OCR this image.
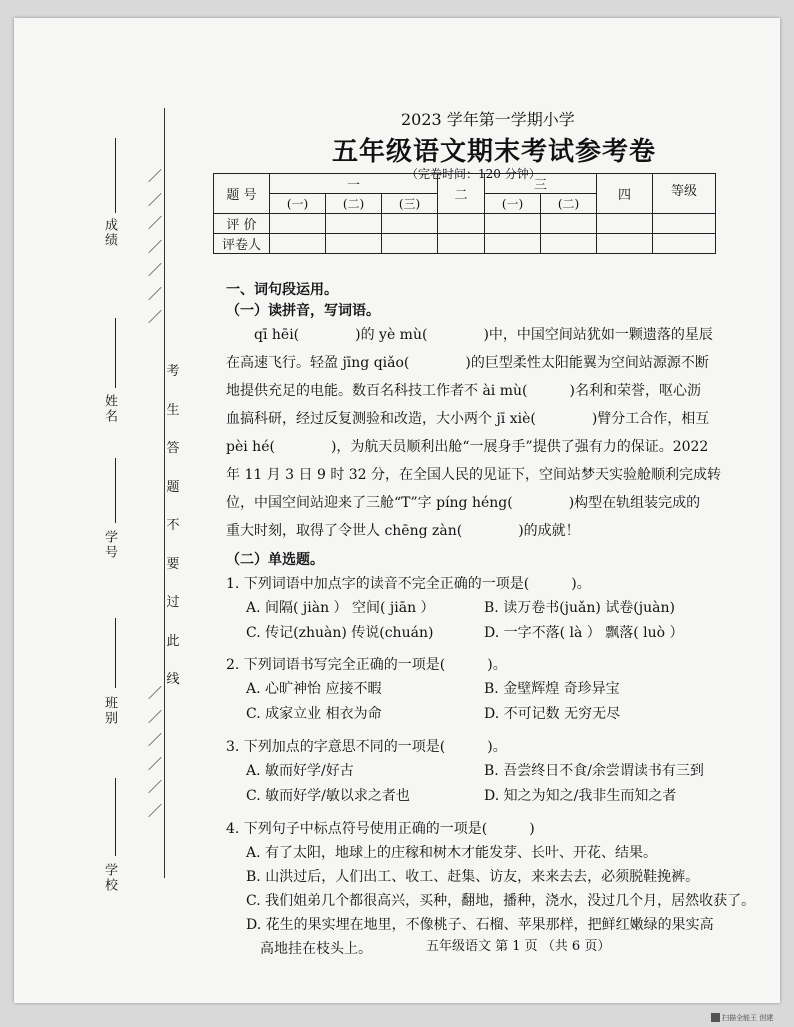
成绩
姓名
学号
班别
学校
／
／
／
／
／
／
／
考
生
答
题
不
要
过
此
线
／
／
／
／
／
／
2023 学年第一学期小学
五年级语文期末考试参考卷
（完卷时间：120 分钟）
题 号	一			二	三		四	等级
	(一)	(二)	(三)		(一)	(二)		
评 价								
评卷人								
一、词句段运用。
（一）读拼音，写词语。
　　qī hēi(　　　　)的 yè mù(　　　　)中，中国空间站犹如一颗遗落的星辰
在高速飞行。轻盈 jīng qiǎo(　　　　)的巨型柔性太阳能翼为空间站源源不断
地提供充足的电能。数百名科技工作者不 ài mù(　　　)名利和荣誉，呕心沥
血搞科研，经过反复测验和改造，大小两个 jī xiè(　　　　)臂分工合作，相互
pèi hé(　　　　)，为航天员顺利出舱“一展身手”提供了强有力的保证。2022
年 11 月 3 日 9 时 32 分，在全国人民的见证下，空间站梦天实验舱顺利完成转
位，中国空间站迎来了三舱“T”字 píng héng(　　　　)构型在轨组装完成的
重大时刻，取得了令世人 chēng zàn(　　　　)的成就！
（二）单选题。
1. 下列词语中加点字的读音不完全正确的一项是(　　　)。
A. 间隔( jiàn ） 空间( jiān ）	B. 读万卷书(juǎn) 试卷(juàn)
C. 传记(zhuàn) 传说(chuán)	D. 一字不落( là ） 飘落( luò ）
2. 下列词语书写完全正确的一项是(　　　)。
A. 心旷神怡 应接不暇	B. 金壁辉煌 奇珍异宝
C. 成家立业 相衣为命	D. 不可记数 无穷无尽
3. 下列加点的字意思不同的一项是(　　　)。
A. 敏而好学/好古	B. 吾尝终日不食/余尝谓读书有三到
C. 敏而好学/敏以求之者也	D. 知之为知之/我非生而知之者
4. 下列句子中标点符号使用正确的一项是(　　　)
A. 有了太阳，地球上的庄稼和树木才能发芽、长叶、开花、结果。
B. 山洪过后，人们出工、收工、赶集、访友，来来去去，必须脱鞋挽裤。
C. 我们姐弟几个都很高兴，买种，翻地，播种，浇水，没过几个月，居然收获了。
D. 花生的果实埋在地里，不像桃子、石榴、苹果那样，把鲜红嫩绿的果实高
高地挂在枝头上。	五年级语文 第 1 页 （共 6 页）
扫描全能王 创建
